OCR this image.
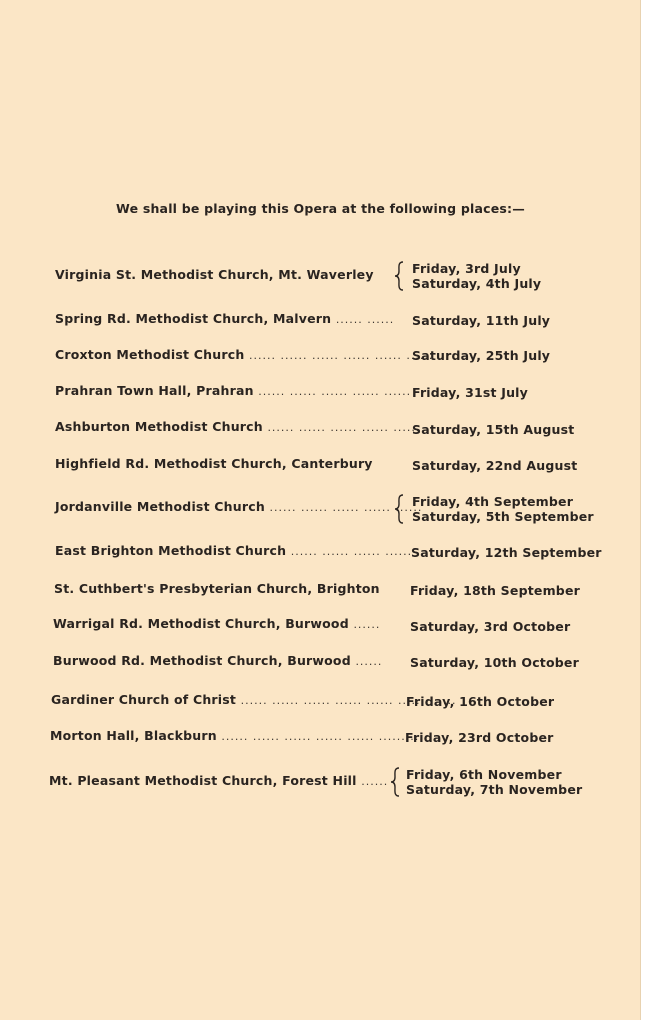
We shall be playing this Opera at the following places:—
Virginia St. Methodist Church, Mt. Waverley	Friday, 3rd July
Saturday, 4th July
Spring Rd. Methodist Church, Malvern ...... ...... Saturday, 11th July
Croxton Methodist Church ...... ...... ...... ...... ...... ......
Saturday, 25th July
Prahran Town Hall, Prahran ...... ...... ...... ...... ...... Friday, 31st July
Ashburton Methodist Church ...... ...... ...... ...... ......
Saturday, 15th August
Highfield Rd. Methodist Church, Canterbury	Saturday, 22nd August
Jordanville Methodist Church ...... ...... ...... ...... ......
Friday, 4th September
Saturday, 5th September
East Brighton Methodist Church ...... ...... ...... ......
Saturday, 12th September
St. Cuthbert's Presbyterian Church, Brighton Friday, 18th September
Warrigal Rd. Methodist Church, Burwood ...... Saturday, 3rd October
Burwood Rd. Methodist Church, Burwood ...... Saturday, 10th October
Gardiner Church of Christ ...... ...... ...... ...... ...... ...... ......
Friday, 16th October
Morton Hall, Blackburn ...... ...... ...... ...... ...... ...... ......
Friday, 23rd October
Mt. Pleasant Methodist Church, Forest Hill ...... Friday, 6th November
Saturday, 7th November
